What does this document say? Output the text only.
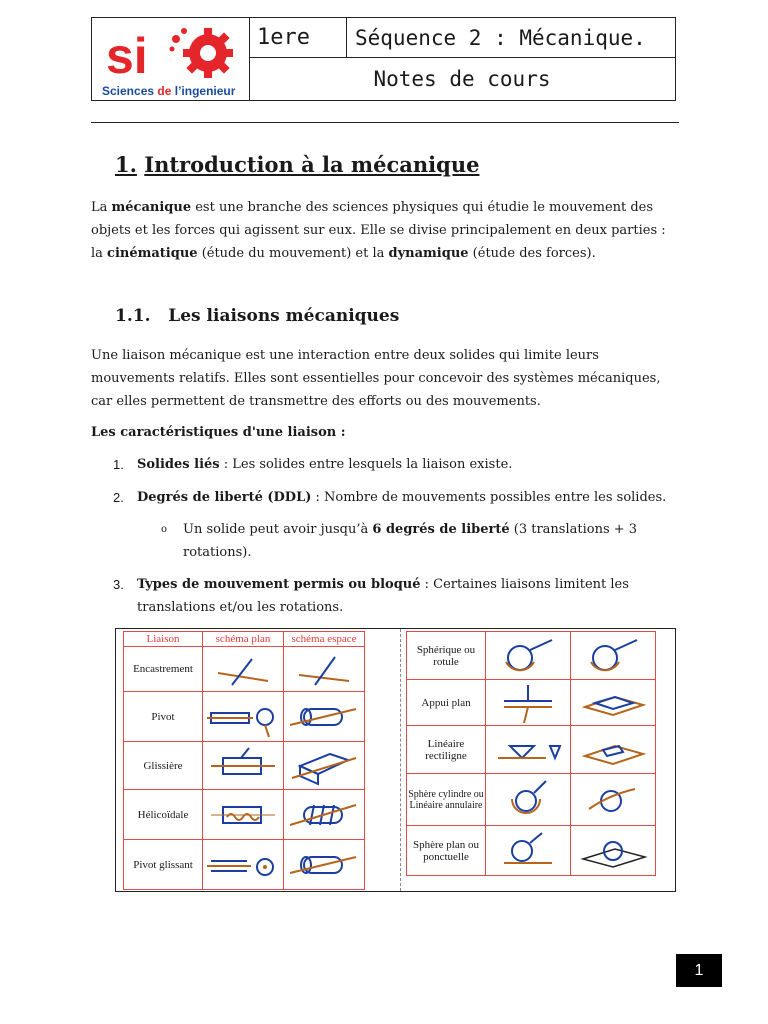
si
Sciences de l’ingenieur
1ere	Séquence 2 : Mécanique.
Notes de cours
1. Introduction à la mécanique

La mécanique est une branche des sciences physiques qui étudie le mouvement des objets et les forces qui agissent sur eux. Elle se divise principalement en deux parties : la cinématique (étude du mouvement) et la dynamique (étude des forces).

1.1. Les liaisons mécaniques

Une liaison mécanique est une interaction entre deux solides qui limite leurs mouvements relatifs. Elles sont essentielles pour concevoir des systèmes mécaniques, car elles permettent de transmettre des efforts ou des mouvements.

Les caractéristiques d'une liaison :

1. Solides liés : Les solides entre lesquels la liaison existe.

2. Degrés de liberté (DDL) : Nombre de mouvements possibles entre les solides.

o Un solide peut avoir jusqu’à 6 degrés de liberté (3 translations + 3 rotations).

3. Types de mouvement permis ou bloqué : Certaines liaisons limitent les translations et/ou les rotations.

Liaison	schéma plan	schéma espace
Encastrement	

Pivot	

Glissière	

Hélicoïdale	

Pivot glissant	

Sphérique ou rotule	

Appui plan	

Linéaire rectiligne	

Sphère cylindre ou Linéaire annulaire	

Sphère plan ou ponctuelle	

1
